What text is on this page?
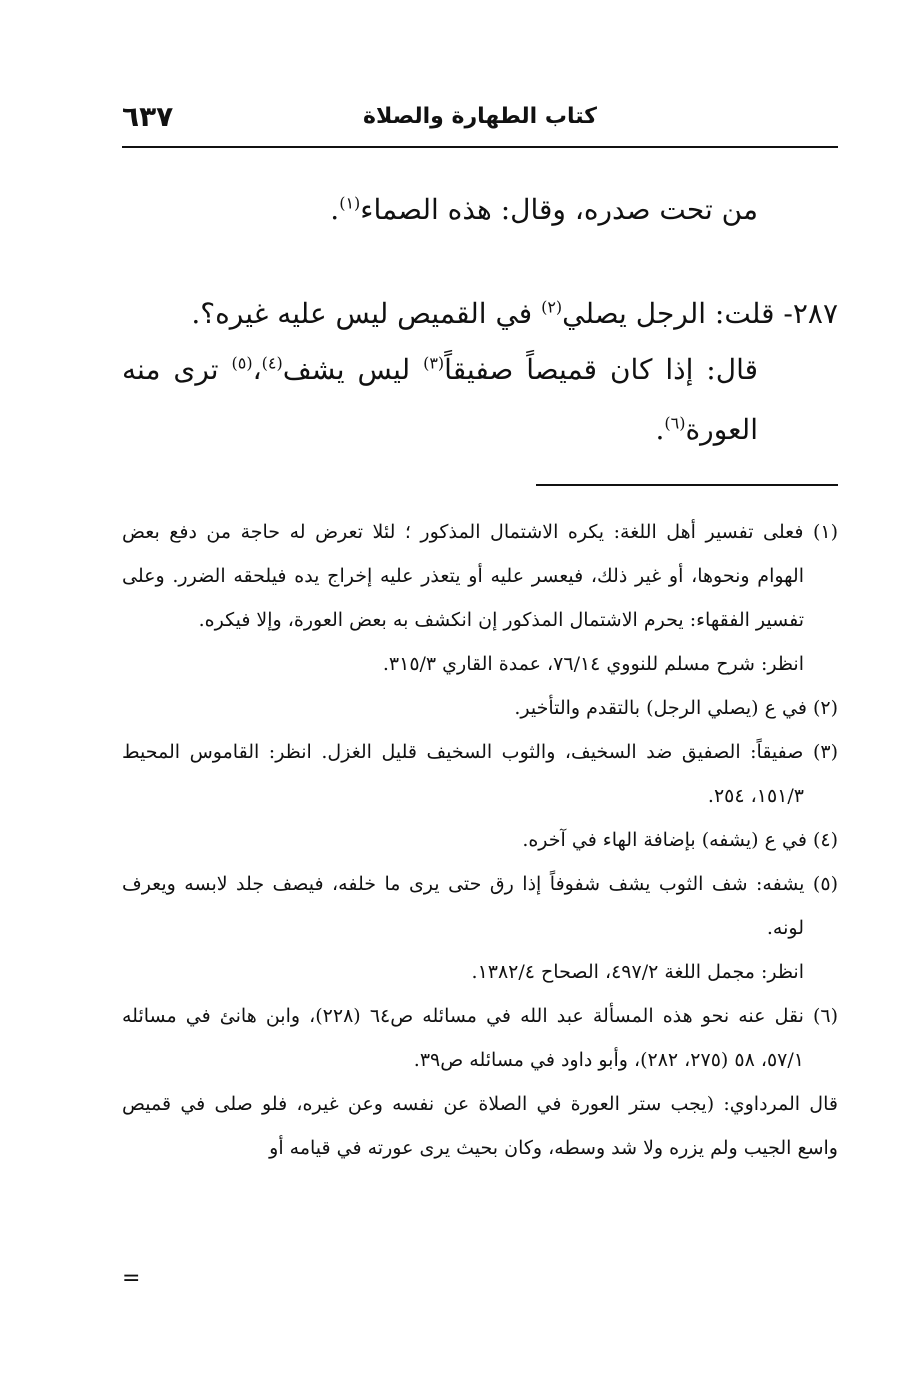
٦٣٧	كتاب الطهارة والصلاة

من تحت صدره، وقال: هذه الصماء$^{(١)}$.

٢٨٧- قلت: الرجل يصلي$^{(٢)}$ في القميص ليس عليه غيره؟.

قال: إذا كان قميصاً صفيقاً$^{(٣)}$ ليس يشف$^{(٤)}$،$^{(٥)}$ ترى منه العورة$^{(٦)}$.

(١) فعلى تفسير أهل اللغة: يكره الاشتمال المذكور ؛ لئلا تعرض له حاجة من دفع بعض الهوام ونحوها، أو غير ذلك، فيعسر عليه أو يتعذر عليه إخراج يده فيلحقه الضرر. وعلى تفسير الفقهاء: يحرم الاشتمال المذكور إن انكشف به بعض العورة، وإلا فيكره.

انظر: شرح مسلم للنووي ٧٦/١٤، عمدة القاري ٣١٥/٣.

(٢) في ع (يصلي الرجل) بالتقدم والتأخير.

(٣) صفيقاً: الصفيق ضد السخيف، والثوب السخيف قليل الغزل. انظر: القاموس المحيط ١٥١/٣، ٢٥٤.

(٤) في ع (يشفه) بإضافة الهاء في آخره.

(٥) يشفه: شف الثوب يشف شفوفاً إذا رق حتى يرى ما خلفه، فيصف جلد لابسه ويعرف لونه.

انظر: مجمل اللغة ٤٩٧/٢، الصحاح ١٣٨٢/٤.

(٦) نقل عنه نحو هذه المسألة عبد الله في مسائله ص٦٤ (٢٢٨)، وابن هانئ في مسائله ٥٧/١، ٥٨ (٢٧٥، ٢٨٢)، وأبو داود في مسائله ص٣٩.

قال المرداوي: (يجب ستر العورة في الصلاة عن نفسه وعن غيره، فلو صلى في قميص واسع الجيب ولم يزره ولا شد وسطه، وكان بحيث يرى عورته في قيامه أو

=
